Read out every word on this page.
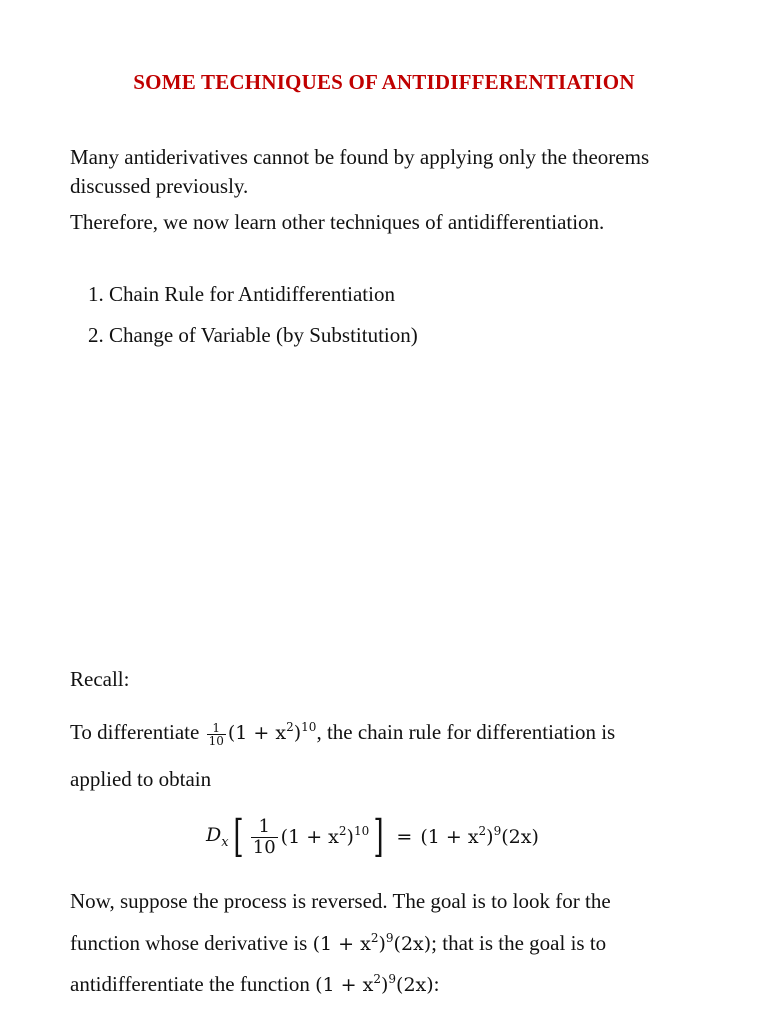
SOME TECHNIQUES OF ANTIDIFFERENTIATION
Many antiderivatives cannot be found by applying only the theorems discussed previously.
Therefore, we now learn other techniques of antidifferentiation.
1. Chain Rule for Antidifferentiation
2. Change of Variable (by Substitution)
Recall:
To differentiate $\frac{1}{10} (1 + x^2)^{10}$, the chain rule for differentiation is
applied to obtain
$D_x$ [ $\frac{1}{10} (1 + x^2)^{10}$ ] = $(1 + x^2)^9(2x)$
Now, suppose the process is reversed. The goal is to look for the
function whose derivative is $(1 + x^2)^9(2x)$; that is the goal is to
antidifferentiate the function $(1 + x^2)^9(2x)$:
